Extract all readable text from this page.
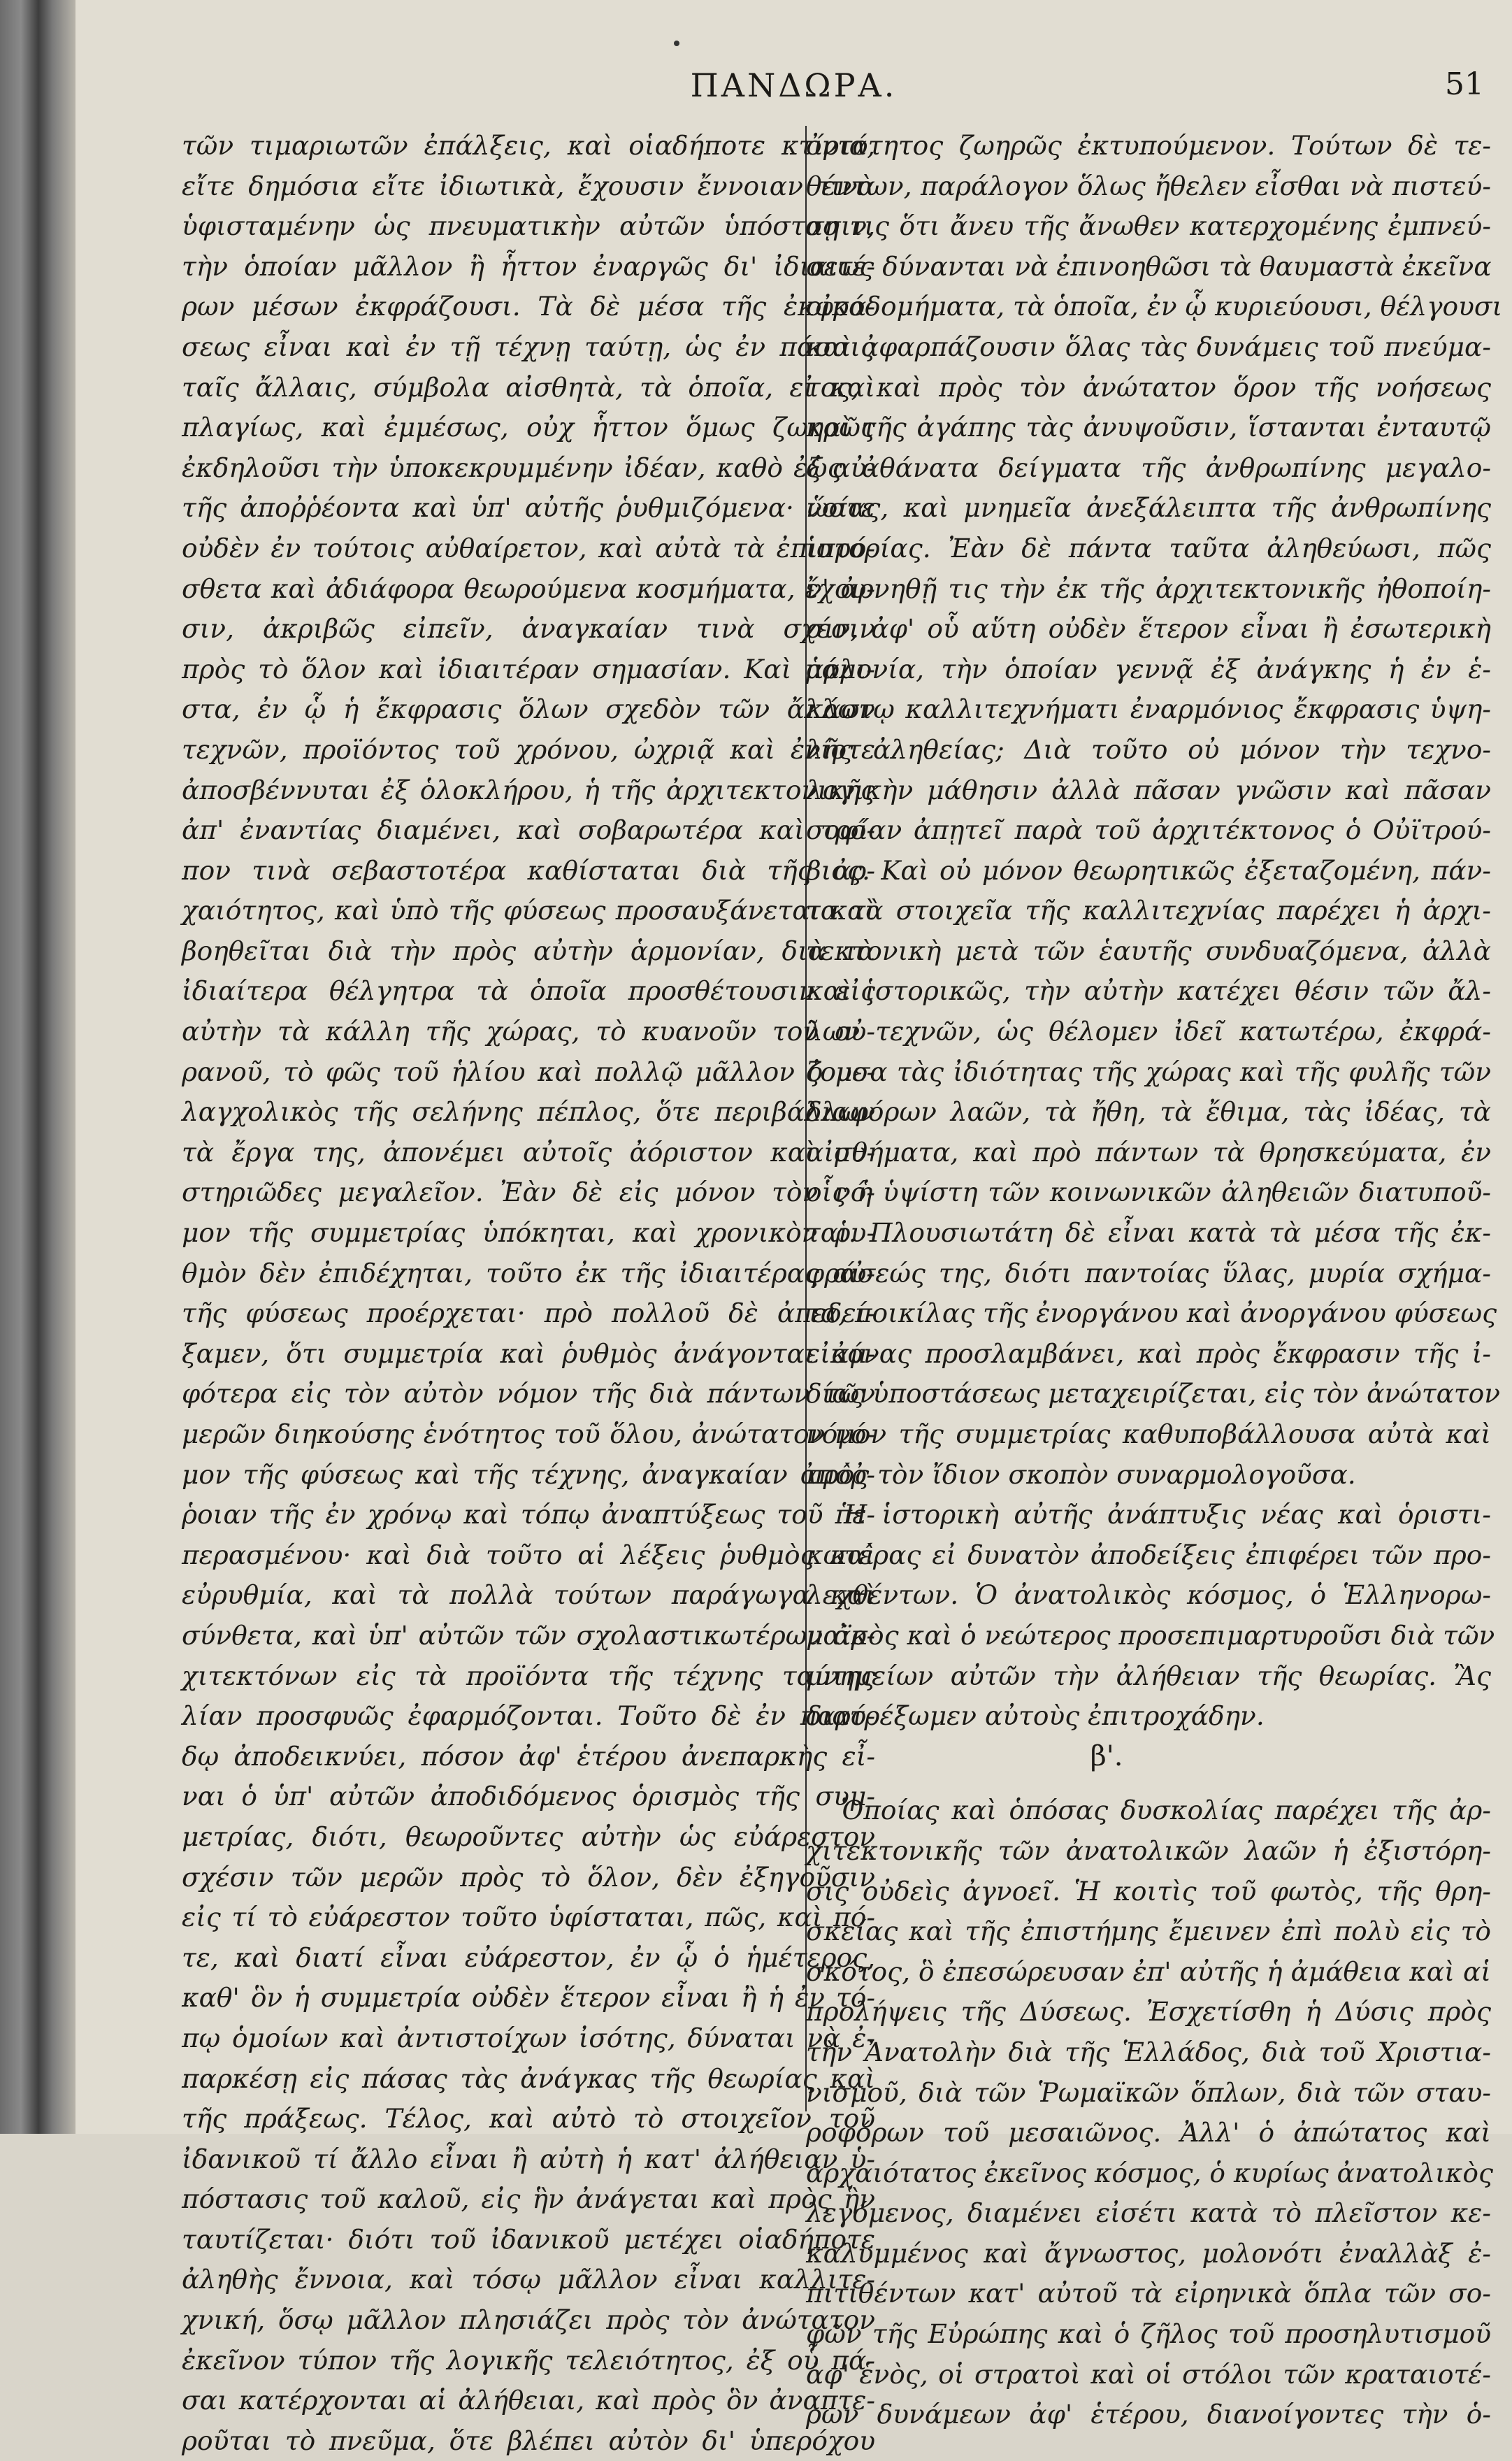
ΠΑΝΔΩΡΑ.	51
τῶν τιμαριωτῶν ἐπάλξεις, καὶ οἱαδήποτε κτίρια,
εἴτε δημόσια εἴτε ἰδιωτικὰ, ἔχουσιν ἔννοιαν τινὰ
ὑφισταμένην ὡς πνευματικὴν αὐτῶν ὑπόστασιν,
τὴν ὁποίαν μᾶλλον ἢ ἧττον ἐναργῶς δι' ἰδιαιτέ-
ρων μέσων ἐκφράζουσι. Τὰ δὲ μέσα τῆς ἐκφρά-
σεως εἶναι καὶ ἐν τῇ τέχνῃ ταύτῃ, ὡς ἐν πάσαις
ταῖς ἄλλαις, σύμβολα αἰσθητὰ, τὰ ὁποῖα, εἰ καὶ
πλαγίως, καὶ ἐμμέσως, οὐχ ἧττον ὅμως ζωηρῶς
ἐκδηλοῦσι τὴν ὑποκεκρυμμένην ἰδέαν, καθὸ ἐξ αὐ-
τῆς ἀποῤῥέοντα καὶ ὑπ' αὐτῆς ῥυθμιζόμενα· ὥστε
οὐδὲν ἐν τούτοις αὐθαίρετον, καὶ αὐτὰ τὰ ἐπιπρό-
σθετα καὶ ἀδιάφορα θεωρούμενα κοσμήματα, ἔχου-
σιν, ἀκριβῶς εἰπεῖν, ἀναγκαίαν τινὰ σχέσιν
πρὸς τὸ ὅλον καὶ ἰδιαιτέραν σημασίαν. Καὶ μάλι-
στα, ἐν ᾧ ἡ ἔκφρασις ὅλων σχεδὸν τῶν ἄλλων
τεχνῶν, προϊόντος τοῦ χρόνου, ὠχριᾷ καὶ ἐνίοτε
ἀποσβέννυται ἐξ ὁλοκλήρου, ἡ τῆς ἀρχιτεκτονικῆς
ἀπ' ἐναντίας διαμένει, καὶ σοβαρωτέρα καὶ τρό-
πον τινὰ σεβαστοτέρα καθίσταται διὰ τῆς ἀρ-
χαιότητος, καὶ ὑπὸ τῆς φύσεως προσαυξάνεται καὶ
βοηθεῖται διὰ τὴν πρὸς αὐτὴν ἁρμονίαν, διὰ τὰ
ἰδιαίτερα θέλγητρα τὰ ὁποῖα προσθέτουσιν εἰς
αὐτὴν τὰ κάλλη τῆς χώρας, τὸ κυανοῦν τοῦ οὐ-
ρανοῦ, τὸ φῶς τοῦ ἡλίου καὶ πολλῷ μᾶλλον ὁ με-
λαγχολικὸς τῆς σελήνης πέπλος, ὅτε περιβάλλων
τὰ ἔργα της, ἀπονέμει αὐτοῖς ἀόριστον καὶ μυ-
στηριῶδες μεγαλεῖον. Ἐὰν δὲ εἰς μόνον τὸν νό-
μον τῆς συμμετρίας ὑπόκηται, καὶ χρονικὸν ῥυ-
θμὸν δὲν ἐπιδέχηται, τοῦτο ἐκ τῆς ἰδιαιτέρας αὐ-
τῆς φύσεως προέρχεται· πρὸ πολλοῦ δὲ ἀπεδεί-
ξαμεν, ὅτι συμμετρία καὶ ῥυθμὸς ἀνάγονται ἀμ-
φότερα εἰς τὸν αὐτὸν νόμον τῆς διὰ πάντων τῶν
μερῶν διηκούσης ἑνότητος τοῦ ὅλου, ἀνώτατον νό-
μον τῆς φύσεως καὶ τῆς τέχνης, ἀναγκαίαν ἀπόῤ-
ῥοιαν τῆς ἐν χρόνῳ καὶ τόπῳ ἀναπτύξεως τοῦ πε-
περασμένου· καὶ διὰ τοῦτο αἱ λέξεις ῥυθμὸς καὶ
εὐρυθμία, καὶ τὰ πολλὰ τούτων παράγωγα καὶ
σύνθετα, καὶ ὑπ' αὐτῶν τῶν σχολαστικωτέρων ἀρ-
χιτεκτόνων εἰς τὰ προϊόντα τῆς τέχνης ταύτης
λίαν προσφυῶς ἐφαρμόζονται. Τοῦτο δὲ ἐν παρό-
δῳ ἀποδεικνύει, πόσον ἀφ' ἑτέρου ἀνεπαρκὴς εἶ-
ναι ὁ ὑπ' αὐτῶν ἀποδιδόμενος ὁρισμὸς τῆς συμ-
μετρίας, διότι, θεωροῦντες αὐτὴν ὡς εὐάρεστον
σχέσιν τῶν μερῶν πρὸς τὸ ὅλον, δὲν ἐξηγοῦσιν
εἰς τί τὸ εὐάρεστον τοῦτο ὑφίσταται, πῶς, καὶ πό-
τε, καὶ διατί εἶναι εὐάρεστον, ἐν ᾧ ὁ ἡμέτερος,
καθ' ὃν ἡ συμμετρία οὐδὲν ἕτερον εἶναι ἢ ἡ ἐν τό-
πῳ ὁμοίων καὶ ἀντιστοίχων ἰσότης, δύναται νὰ ἐ-
παρκέσῃ εἰς πάσας τὰς ἀνάγκας τῆς θεωρίας καὶ
τῆς πράξεως. Τέλος, καὶ αὐτὸ τὸ στοιχεῖον τοῦ
ἰδανικοῦ τί ἄλλο εἶναι ἢ αὐτὴ ἡ κατ' ἀλήθειαν ὑ-
πόστασις τοῦ καλοῦ, εἰς ἣν ἀνάγεται καὶ πρὸς ἣν
ταυτίζεται· διότι τοῦ ἰδανικοῦ μετέχει οἱαδήποτε
ἀληθὴς ἔννοια, καὶ τόσῳ μᾶλλον εἶναι καλλιτε-
χνική, ὅσῳ μᾶλλον πλησιάζει πρὸς τὸν ἀνώτατον
ἐκεῖνον τύπον τῆς λογικῆς τελειότητος, ἐξ οὗ πά-
σαι κατέρχονται αἱ ἀλήθειαι, καὶ πρὸς ὃν ἀναπτε-
ροῦται τὸ πνεῦμα, ὅτε βλέπει αὐτὸν δι' ὑπερόχου
ὀντότητος ζωηρῶς ἐκτυπούμενον. Τούτων δὲ τε-
θέντων, παράλογον ὅλως ἤθελεν εἶσθαι νὰ πιστεύ-
σῃ τις ὅτι ἄνευ τῆς ἄνωθεν κατερχομένης ἐμπνεύ-
σεως δύνανται νὰ ἐπινοηθῶσι τὰ θαυμαστὰ ἐκεῖνα
οἰκοδομήματα, τὰ ὁποῖα, ἐν ᾧ κυριεύουσι, θέλγουσι
καὶ ἀφαρπάζουσιν ὅλας τὰς δυνάμεις τοῦ πνεύμα-
τος, καὶ πρὸς τὸν ἀνώτατον ὅρον τῆς νοήσεως
καὶ τῆς ἀγάπης τὰς ἀνυψοῦσιν, ἵστανται ἐνταυτῷ
ὡς ἀθάνατα δείγματα τῆς ἀνθρωπίνης μεγαλο-
νοίας, καὶ μνημεῖα ἀνεξάλειπτα τῆς ἀνθρωπίνης
ἱστορίας. Ἐὰν δὲ πάντα ταῦτα ἀληθεύωσι, πῶς
ν' ἀρνηθῇ τις τὴν ἐκ τῆς ἀρχιτεκτονικῆς ἠθοποίη-
σιν, ἀφ' οὗ αὕτη οὐδὲν ἕτερον εἶναι ἢ ἐσωτερικὴ
ἁρμονία, τὴν ὁποίαν γεννᾷ ἐξ ἀνάγκης ἡ ἐν ἑ-
κάστῳ καλλιτεχνήματι ἐναρμόνιος ἔκφρασις ὑψη-
λῆς ἀληθείας; Διὰ τοῦτο οὐ μόνον τὴν τεχνο-
λογικὴν μάθησιν ἀλλὰ πᾶσαν γνῶσιν καὶ πᾶσαν
σοφίαν ἀπῃτεῖ παρὰ τοῦ ἀρχιτέκτονος ὁ Οὐϊτρού-
βιος. Καὶ οὐ μόνον θεωρητικῶς ἐξεταζομένη, πάν-
τα τὰ στοιχεῖα τῆς καλλιτεχνίας παρέχει ἡ ἀρχι-
τεκτονικὴ μετὰ τῶν ἑαυτῆς συνδυαζόμενα, ἀλλὰ
καὶ ἱστορικῶς, τὴν αὐτὴν κατέχει θέσιν τῶν ἄλ-
λων τεχνῶν, ὡς θέλομεν ἰδεῖ κατωτέρω, ἐκφρά-
ζουσα τὰς ἰδιότητας τῆς χώρας καὶ τῆς φυλῆς τῶν
διαφόρων λαῶν, τὰ ἤθη, τὰ ἔθιμα, τὰς ἰδέας, τὰ
αἰσθήματα, καὶ πρὸ πάντων τὰ θρησκεύματα, ἐν
οἷς ἡ ὑψίστη τῶν κοινωνικῶν ἀληθειῶν διατυποῦ-
ται. Πλουσιωτάτη δὲ εἶναι κατὰ τὰ μέσα τῆς ἐκ-
φράσεώς της, διότι παντοίας ὕλας, μυρία σχήμα-
τα, ποικίλας τῆς ἐνοργάνου καὶ ἀνοργάνου φύσεως
εἰκόνας προσλαμβάνει, καὶ πρὸς ἔκφρασιν τῆς ἰ-
δίας ὑποστάσεως μεταχειρίζεται, εἰς τὸν ἀνώτατον
νόμον τῆς συμμετρίας καθυποβάλλουσα αὐτὰ καὶ
πρὸς τὸν ἴδιον σκοπὸν συναρμολογοῦσα.
Ἡ ἱστορικὴ αὐτῆς ἀνάπτυξις νέας καὶ ὁριστι-
κωτέρας εἰ δυνατὸν ἀποδείξεις ἐπιφέρει τῶν προ-
λεχθέντων. Ὁ ἀνατολικὸς κόσμος, ὁ Ἑλληνορω-
μαϊκὸς καὶ ὁ νεώτερος προσεπιμαρτυροῦσι διὰ τῶν
μνημείων αὐτῶν τὴν ἀλήθειαν τῆς θεωρίας. Ἂς
διατρέξωμεν αὐτοὺς ἐπιτροχάδην.
β'.
Ὁποίας καὶ ὁπόσας δυσκολίας παρέχει τῆς ἀρ-
χιτεκτονικῆς τῶν ἀνατολικῶν λαῶν ἡ ἐξιστόρη-
σις οὐδεὶς ἀγνοεῖ. Ἡ κοιτὶς τοῦ φωτὸς, τῆς θρη-
σκείας καὶ τῆς ἐπιστήμης ἔμεινεν ἐπὶ πολὺ εἰς τὸ
σκότος, ὃ ἐπεσώρευσαν ἐπ' αὐτῆς ἡ ἀμάθεια καὶ αἱ
προλήψεις τῆς Δύσεως. Ἐσχετίσθη ἡ Δύσις πρὸς
τὴν Ἀνατολὴν διὰ τῆς Ἑλλάδος, διὰ τοῦ Χριστια-
νισμοῦ, διὰ τῶν Ῥωμαϊκῶν ὅπλων, διὰ τῶν σταυ-
ροφόρων τοῦ μεσαιῶνος. Ἀλλ' ὁ ἀπώτατος καὶ
ἀρχαιότατος ἐκεῖνος κόσμος, ὁ κυρίως ἀνατολικὸς
λεγόμενος, διαμένει εἰσέτι κατὰ τὸ πλεῖστον κε-
καλυμμένος καὶ ἄγνωστος, μολονότι ἐναλλὰξ ἐ-
πιτιθέντων κατ' αὐτοῦ τὰ εἰρηνικὰ ὅπλα τῶν σο-
φῶν τῆς Εὐρώπης καὶ ὁ ζῆλος τοῦ προσηλυτισμοῦ
ἀφ' ἑνὸς, οἱ στρατοὶ καὶ οἱ στόλοι τῶν κραταιοτέ-
ρων δυνάμεων ἀφ' ἑτέρου, διανοίγοντες τὴν ὁ-
